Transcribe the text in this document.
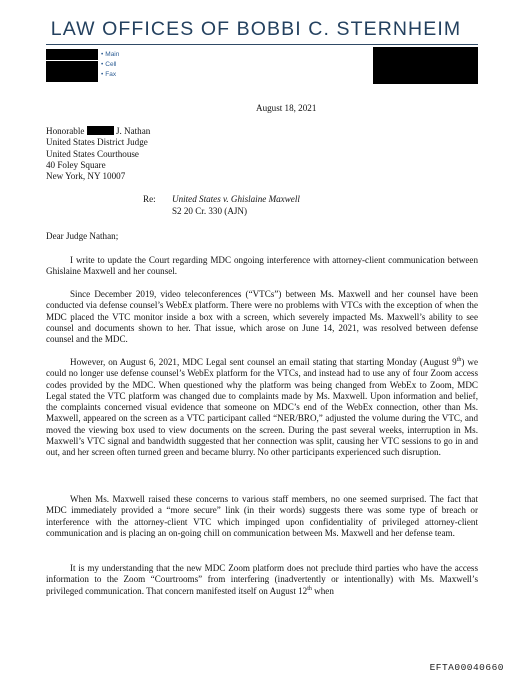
LAW OFFICES OF BOBBI C. STERNHEIM
• Main
• Cell
• Fax
August 18, 2021
Honorable	J. Nathan
United States District Judge
United States Courthouse
40 Foley Square
New York, NY 10007
Re: United States v. Ghislaine Maxwell
S2 20 Cr. 330 (AJN)
Dear Judge Nathan;

I write to update the Court regarding MDC ongoing interference with attorney-client communication between Ghislaine Maxwell and her counsel.

Since December 2019, video teleconferences (“VTCs”) between Ms. Maxwell and her counsel have been conducted via defense counsel’s WebEx platform. There were no problems with VTCs with the exception of when the MDC placed the VTC monitor inside a box with a screen, which severely impacted Ms. Maxwell’s ability to see counsel and documents shown to her. That issue, which arose on June 14, 2021, was resolved between defense counsel and the MDC.

However, on August 6, 2021, MDC Legal sent counsel an email stating that starting Monday (August 9th) we could no longer use defense counsel’s WebEx platform for the VTCs, and instead had to use any of four Zoom access codes provided by the MDC. When questioned why the platform was being changed from WebEx to Zoom, MDC Legal stated the VTC platform was changed due to complaints made by Ms. Maxwell. Upon information and belief, the complaints concerned visual evidence that someone on MDC’s end of the WebEx connection, other than Ms. Maxwell, appeared on the screen as a VTC participant called “NER/BRO,” adjusted the volume during the VTC, and moved the viewing box used to view documents on the screen. During the past several weeks, interruption in Ms. Maxwell’s VTC signal and bandwidth suggested that her connection was split, causing her VTC sessions to go in and out, and her screen often turned green and became blurry. No other participants experienced such disruption.

When Ms. Maxwell raised these concerns to various staff members, no one seemed surprised. The fact that MDC immediately provided a “more secure” link (in their words) suggests there was some type of breach or interference with the attorney-client VTC which impinged upon confidentiality of privileged attorney-client communication and is placing an on-going chill on communication between Ms. Maxwell and her defense team.

It is my understanding that the new MDC Zoom platform does not preclude third parties who have the access information to the Zoom “Courtrooms” from interfering (inadvertently or intentionally) with Ms. Maxwell’s privileged communication. That concern manifested itself on August 12th when

EFTA00040660
